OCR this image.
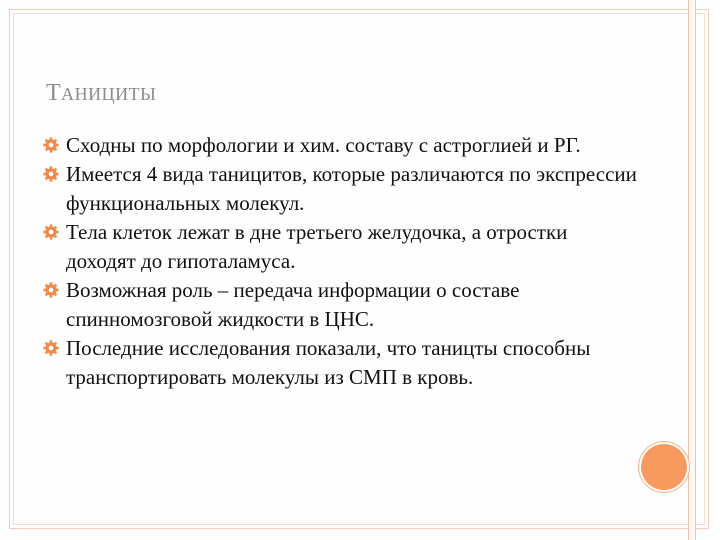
ТАНИЦИТЫ
Сходны по морфологии и хим. составу с астроглией и РГ.
Имеется 4 вида таницитов, которые различаются по экспрессии функциональных молекул.
Тела клеток лежат в дне третьего желудочка, а отростки доходят до гипоталамуса.
Возможная роль – передача информации о составе спинномозговой жидкости в ЦНС.
Последние исследования показали, что таницты способны транспортировать молекулы из СМП в кровь.
